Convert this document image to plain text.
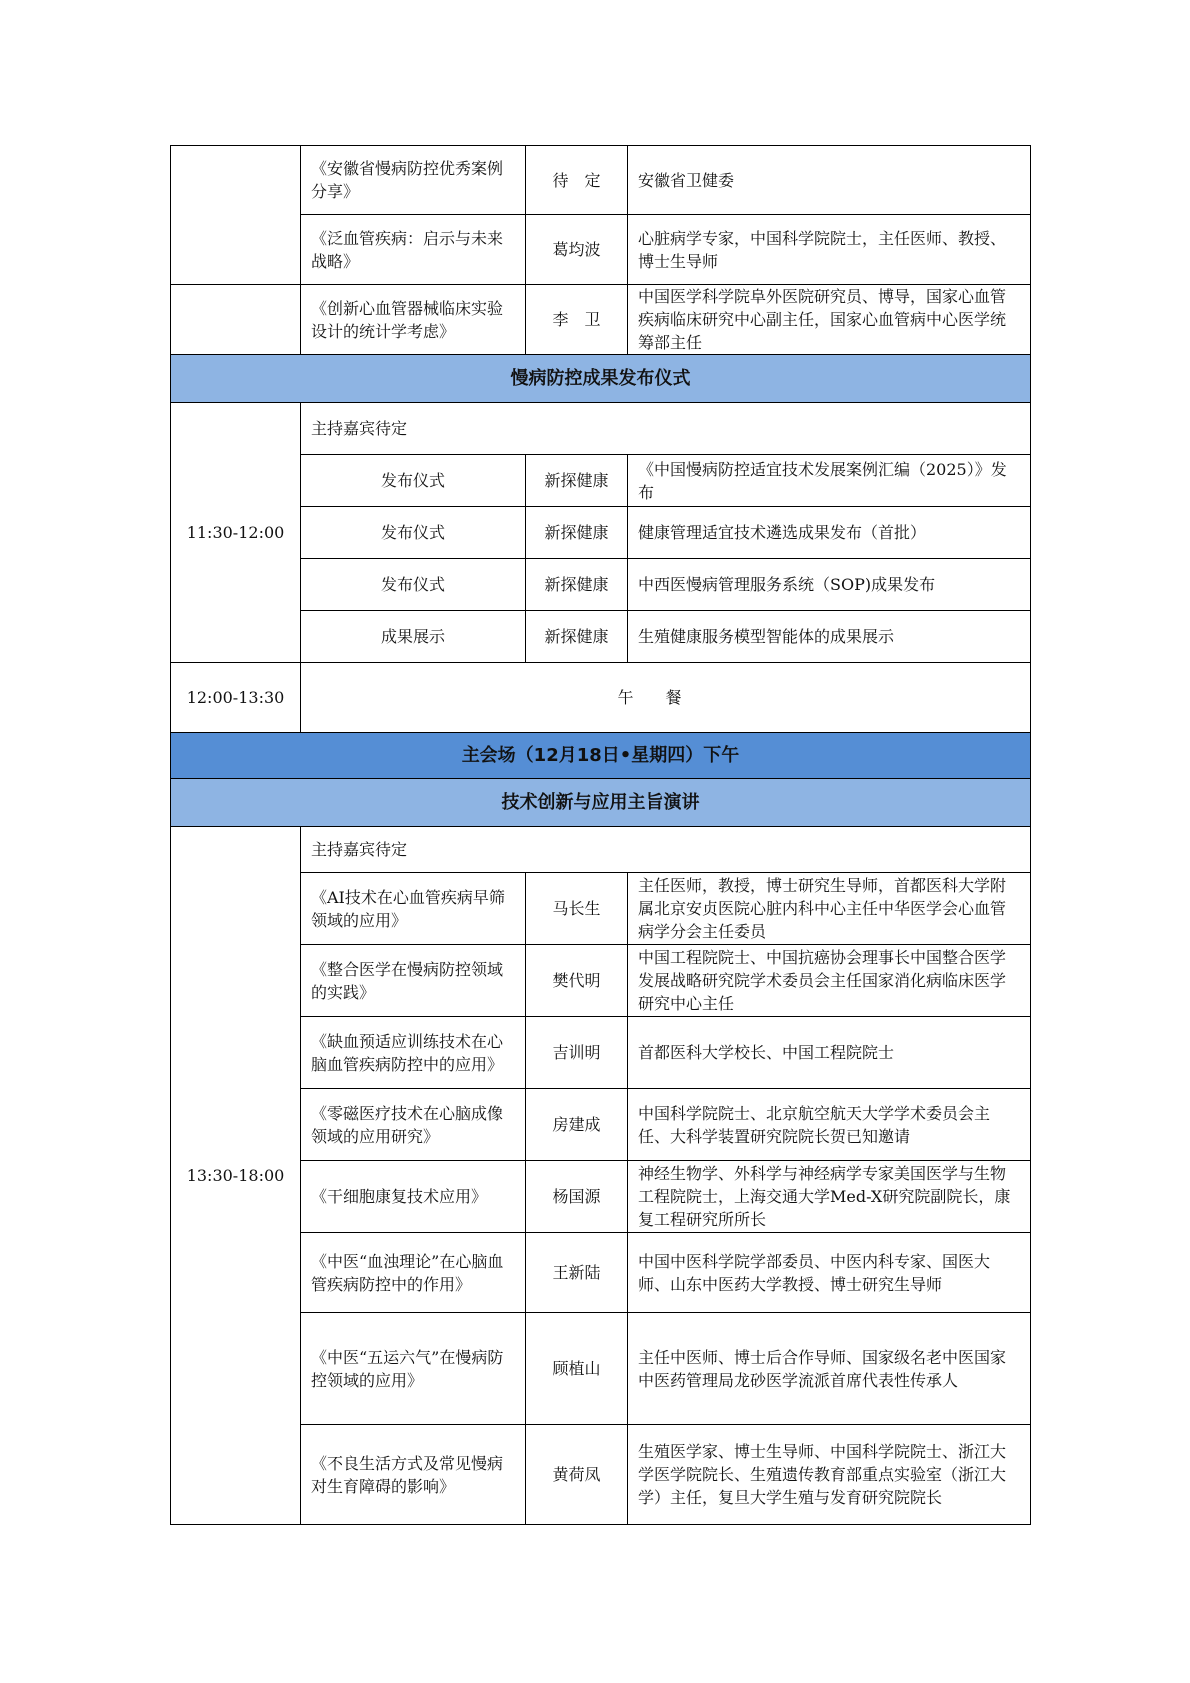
	《安徽省慢病防控优秀案例分享》	待　定	安徽省卫健委
	《泛血管疾病：启示与未来战略》	葛均波	心脏病学专家，中国科学院院士，主任医师、教授、博士生导师
	《创新心血管器械临床实验设计的统计学考虑》	李　卫	中国医学科学院阜外医院研究员、博导，国家心血管疾病临床研究中心副主任，国家心血管病中心医学统筹部主任
慢病防控成果发布仪式			
11:30-12:00	主持嘉宾待定		
	发布仪式	新探健康	《中国慢病防控适宜技术发展案例汇编（2025）》发布
	发布仪式	新探健康	健康管理适宜技术遴选成果发布（首批）
	发布仪式	新探健康	中西医慢病管理服务系统（SOP)成果发布
	成果展示	新探健康	生殖健康服务模型智能体的成果展示
12:00-13:30	午餐		
主会场（12月18日•星期四）下午			
技术创新与应用主旨演讲			

13:30-18:00	主持嘉宾待定		
	《AI技术在心血管疾病早筛领域的应用》	马长生	主任医师，教授，博士研究生导师，首都医科大学附属北京安贞医院心脏内科中心主任中华医学会心血管病学分会主任委员
	《整合医学在慢病防控领域的实践》	樊代明	中国工程院院士、中国抗癌协会理事长中国整合医学发展战略研究院学术委员会主任国家消化病临床医学研究中心主任
	《缺血预适应训练技术在心脑血管疾病防控中的应用》	吉训明	首都医科大学校长、中国工程院院士
	《零磁医疗技术在心脑成像领域的应用研究》	房建成	中国科学院院士、北京航空航天大学学术委员会主任、大科学装置研究院院长贺已知邀请
	《干细胞康复技术应用》	杨国源	神经生物学、外科学与神经病学专家美国医学与生物工程院院士，上海交通大学Med-X研究院副院长，康复工程研究所所长
	《中医“血浊理论”在心脑血管疾病防控中的作用》	王新陆	中国中医科学院学部委员、中医内科专家、国医大师、山东中医药大学教授、博士研究生导师
	《中医“五运六气”在慢病防控领域的应用》	顾植山	主任中医师、博士后合作导师、国家级名老中医国家中医药管理局龙砂医学流派首席代表性传承人
	《不良生活方式及常见慢病对生育障碍的影响》	黄荷凤	生殖医学家、博士生导师、中国科学院院士、浙江大学医学院院长、生殖遗传教育部重点实验室（浙江大学）主任，复旦大学生殖与发育研究院院长
